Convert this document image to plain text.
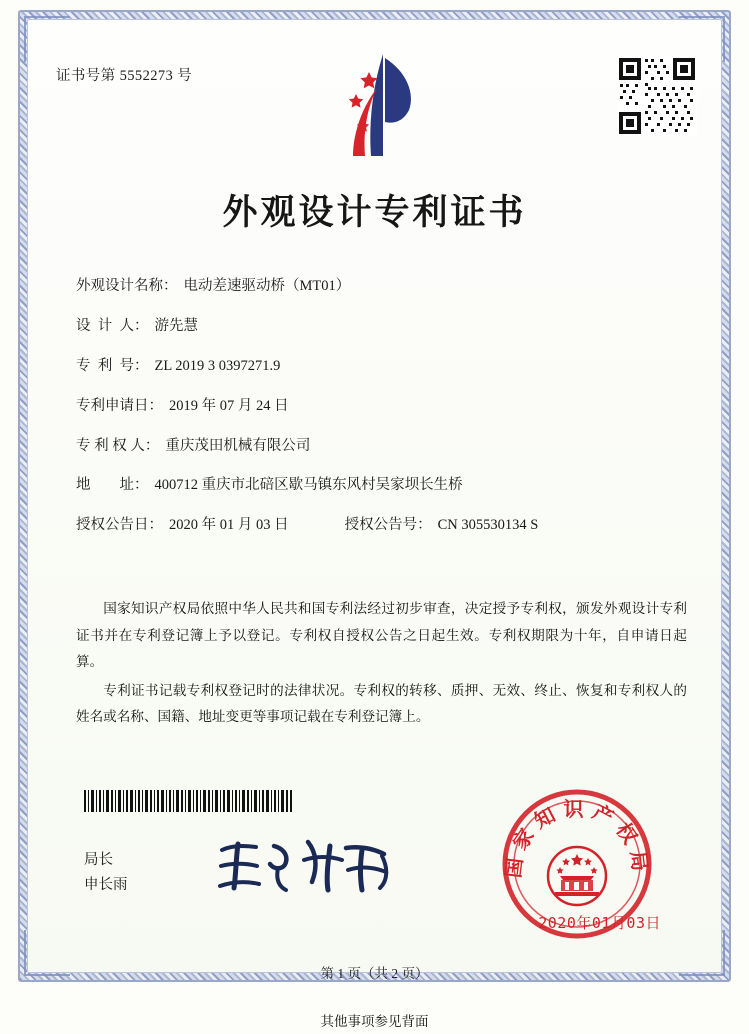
证书号第 5552273 号
外观设计专利证书
外观设计名称： 电动差速驱动桥（MT01）
设  计  人： 游先慧
专  利  号： ZL 2019 3 0397271.9
专利申请日： 2019 年 07 月 24 日
专 利 权 人： 重庆茂田机械有限公司
地        址： 400712 重庆市北碚区歇马镇东风村吴家坝长生桥
授权公告日： 2020 年 01 月 03 日	授权公告号： CN 305530134 S

国家知识产权局依照中华人民共和国专利法经过初步审查，决定授予专利权，颁发外观设计专利证书并在专利登记簿上予以登记。专利权自授权公告之日起生效。专利权期限为十年，自申请日起算。

专利证书记载专利权登记时的法律状况。专利权的转移、质押、无效、终止、恢复和专利权人的姓名或名称、国籍、地址变更等事项记载在专利登记簿上。

局长
申长雨
国家知识产权局
2020年01月03日
第 1 页（共 2 页）
其他事项参见背面
